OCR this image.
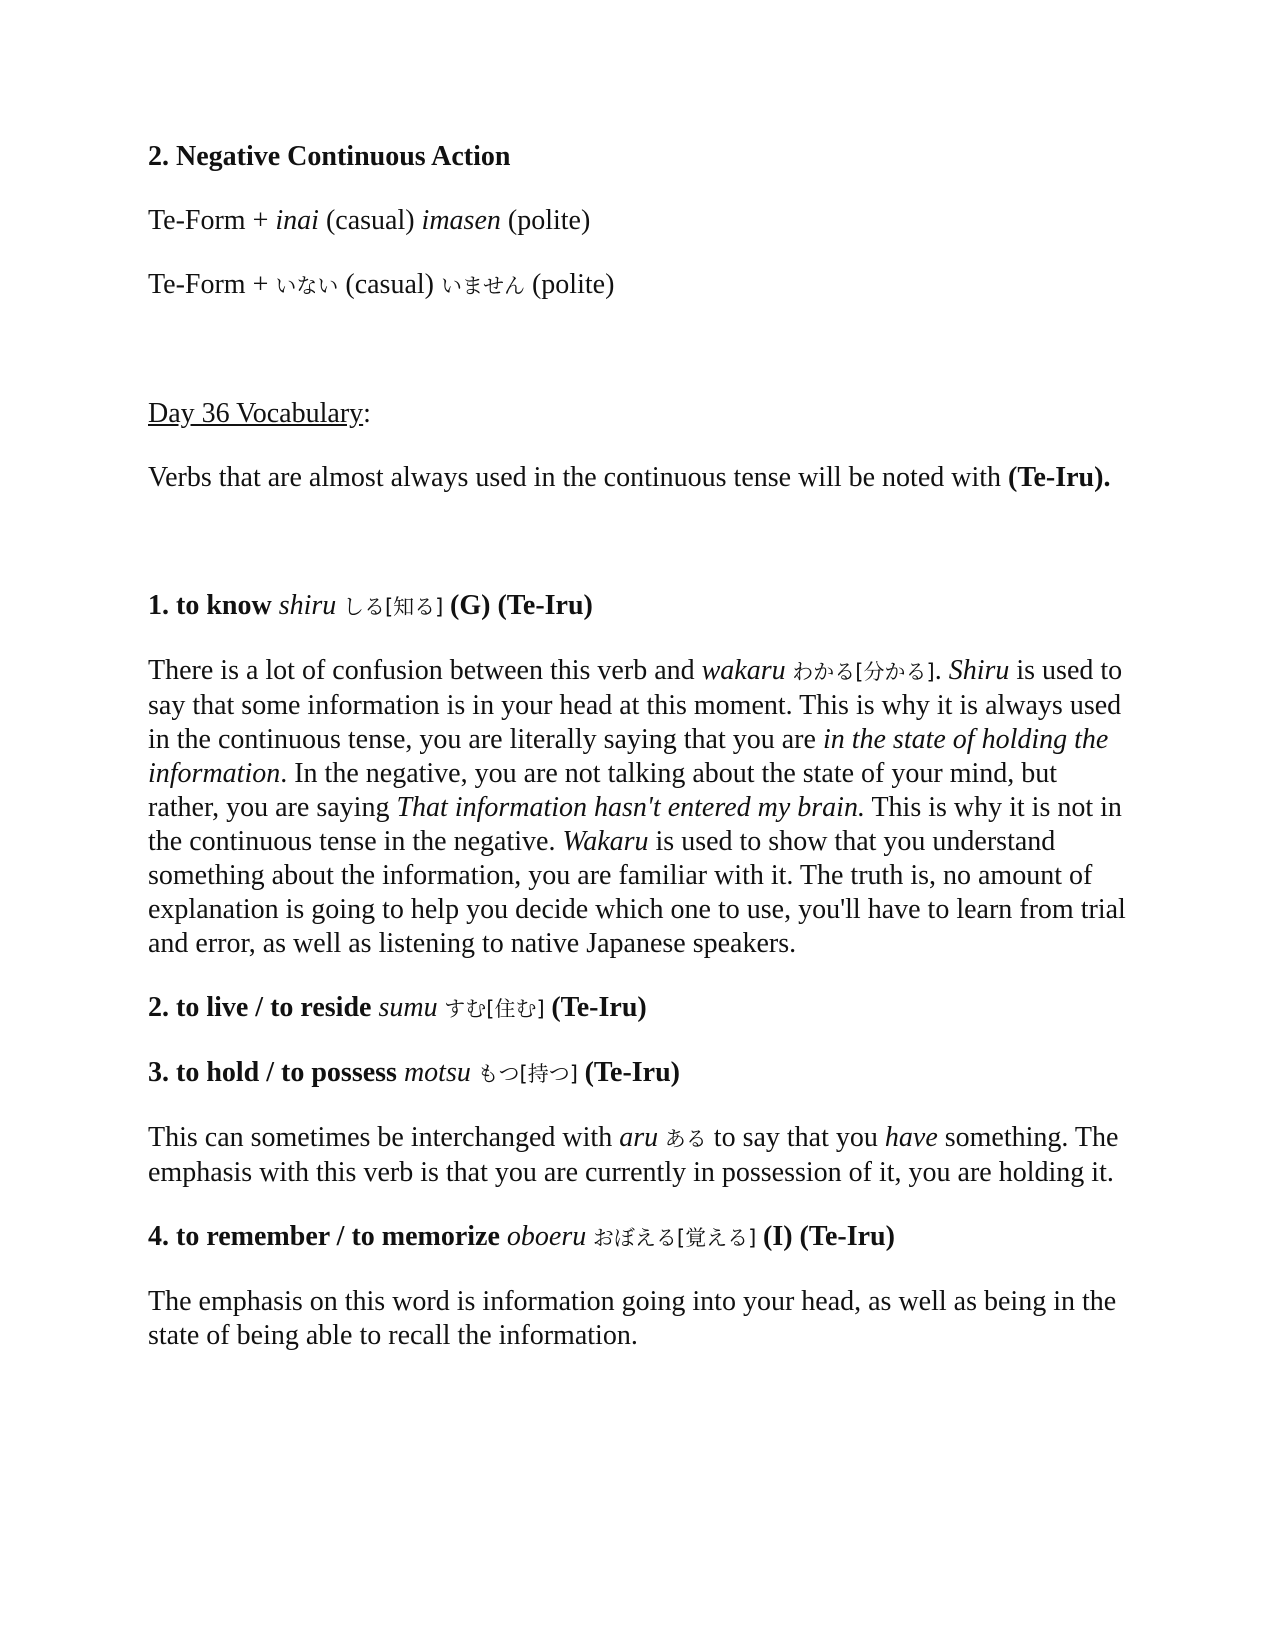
2. Negative Continuous Action

Te-Form + inai (casual) imasen (polite)

Te-Form + いない (casual) いません (polite)

Day 36 Vocabulary:

Verbs that are almost always used in the continuous tense will be noted with (Te-Iru).

1. to know shiru しる[知る] (G) (Te-Iru)

There is a lot of confusion between this verb and wakaru わかる[分かる]. Shiru is used to say that some information is in your head at this moment. This is why it is always used in the continuous tense, you are literally saying that you are in the state of holding the information. In the negative, you are not talking about the state of your mind, but rather, you are saying That information hasn't entered my brain. This is why it is not in the continuous tense in the negative. Wakaru is used to show that you understand something about the information, you are familiar with it. The truth is, no amount of explanation is going to help you decide which one to use, you'll have to learn from trial and error, as well as listening to native Japanese speakers.

2. to live / to reside sumu すむ[住む] (Te-Iru)

3. to hold / to possess motsu もつ[持つ] (Te-Iru)

This can sometimes be interchanged with aru ある to say that you have something. The emphasis with this verb is that you are currently in possession of it, you are holding it.

4. to remember / to memorize oboeru おぼえる[覚える] (I) (Te-Iru)

The emphasis on this word is information going into your head, as well as being in the state of being able to recall the information.
